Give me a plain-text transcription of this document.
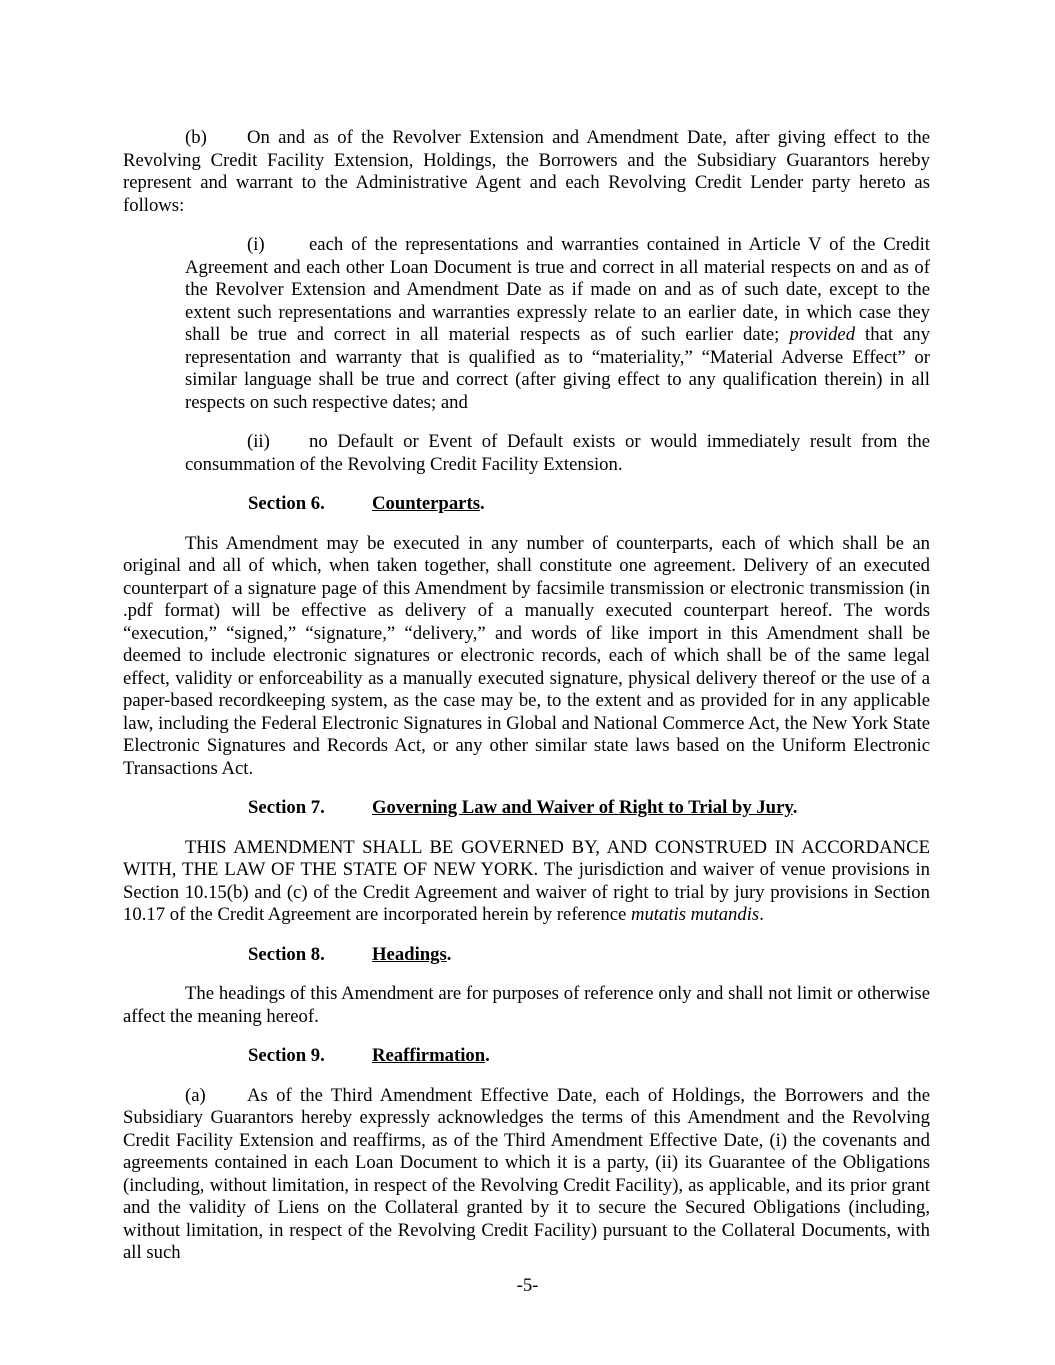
(b) On and as of the Revolver Extension and Amendment Date, after giving effect to the Revolving Credit Facility Extension, Holdings, the Borrowers and the Subsidiary Guarantors hereby represent and warrant to the Administrative Agent and each Revolving Credit Lender party hereto as follows:

(i) each of the representations and warranties contained in Article V of the Credit Agreement and each other Loan Document is true and correct in all material respects on and as of the Revolver Extension and Amendment Date as if made on and as of such date, except to the extent such representations and warranties expressly relate to an earlier date, in which case they shall be true and correct in all material respects as of such earlier date; provided that any representation and warranty that is qualified as to “materiality,” “Material Adverse Effect” or similar language shall be true and correct (after giving effect to any qualification therein) in all respects on such respective dates; and

(ii) no Default or Event of Default exists or would immediately result from the consummation of the Revolving Credit Facility Extension.

Section 6.	Counterparts.

This Amendment may be executed in any number of counterparts, each of which shall be an original and all of which, when taken together, shall constitute one agreement. Delivery of an executed counterpart of a signature page of this Amendment by facsimile transmission or electronic transmission (in .pdf format) will be effective as delivery of a manually executed counterpart hereof. The words “execution,” “signed,” “signature,” “delivery,” and words of like import in this Amendment shall be deemed to include electronic signatures or electronic records, each of which shall be of the same legal effect, validity or enforceability as a manually executed signature, physical delivery thereof or the use of a paper-based recordkeeping system, as the case may be, to the extent and as provided for in any applicable law, including the Federal Electronic Signatures in Global and National Commerce Act, the New York State Electronic Signatures and Records Act, or any other similar state laws based on the Uniform Electronic Transactions Act.

Section 7.	Governing Law and Waiver of Right to Trial by Jury.

THIS AMENDMENT SHALL BE GOVERNED BY, AND CONSTRUED IN ACCORDANCE WITH, THE LAW OF THE STATE OF NEW YORK. The jurisdiction and waiver of venue provisions in Section 10.15(b) and (c) of the Credit Agreement and waiver of right to trial by jury provisions in Section 10.17 of the Credit Agreement are incorporated herein by reference mutatis mutandis.

Section 8.	Headings.

The headings of this Amendment are for purposes of reference only and shall not limit or otherwise affect the meaning hereof.

Section 9.	Reaffirmation.

(a) As of the Third Amendment Effective Date, each of Holdings, the Borrowers and the Subsidiary Guarantors hereby expressly acknowledges the terms of this Amendment and the Revolving Credit Facility Extension and reaffirms, as of the Third Amendment Effective Date, (i) the covenants and agreements contained in each Loan Document to which it is a party, (ii) its Guarantee of the Obligations (including, without limitation, in respect of the Revolving Credit Facility), as applicable, and its prior grant and the validity of Liens on the Collateral granted by it to secure the Secured Obligations (including, without limitation, in respect of the Revolving Credit Facility) pursuant to the Collateral Documents, with all such

-5-
